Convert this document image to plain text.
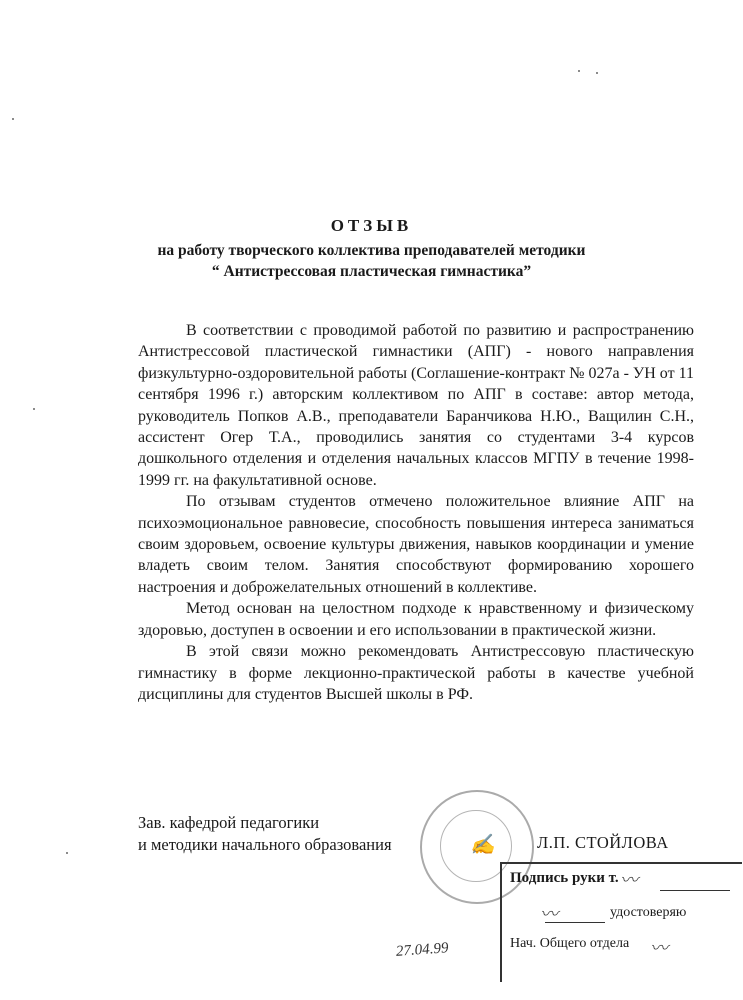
ОТЗЫВ
на работу творческого коллектива преподавателей методики
“ Антистрессовая пластическая гимнастика”

В соответствии с проводимой работой по развитию и распространению Антистрессовой пластической гимнастики (АПГ) - нового направления физкультурно-оздоровительной работы (Соглашение-контракт № 027а - УН от 11 сентября 1996 г.) авторским коллективом по АПГ в составе: автор метода, руководитель Попков А.В., преподаватели Баранчикова Н.Ю., Ващилин С.Н., ассистент Огер Т.А., проводились занятия со студентами 3-4 курсов дошкольного отделения и отделения начальных классов МГПУ в течение 1998-1999 гг. на факультативной основе.

По отзывам студентов отмечено положительное влияние АПГ на психоэмоциональное равновесие, способность повышения интереса заниматься своим здоровьем, освоение культуры движения, навыков координации и умение владеть своим телом. Занятия способствуют формированию хорошего настроения и доброжелательных отношений в коллективе.

Метод основан на целостном подходе к нравственному и физическому здоровью, доступен в освоении и его использовании в практической жизни.

В этой связи можно рекомендовать Антистрессовую пластическую гимнастику в форме лекционно-практической работы в качестве учебной дисциплины для студентов Высшей школы в РФ.

Зав. кафедрой педагогики
и методики начального образования	Л.П. СТОЙЛОВА
✍
Подпись руки т. 〰
〰	удостоверяю
Нач. Общего отдела 〰
27.04.99
